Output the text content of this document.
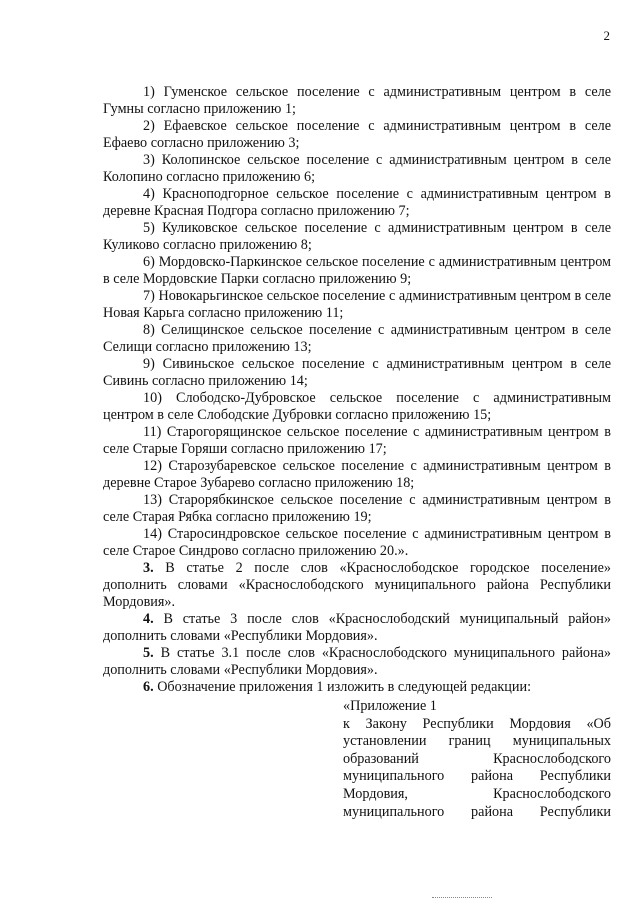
2

1) Гуменское сельское поселение с административным центром в селе Гумны согласно приложению 1;

2) Ефаевское сельское поселение с административным центром в селе Ефаево согласно приложению 3;

3) Колопинское сельское поселение с административным центром в селе Колопино согласно приложению 6;

4) Красноподгорное сельское поселение с административным центром в деревне Красная Подгора согласно приложению 7;

5) Куликовское сельское поселение с административным центром в селе Куликово согласно приложению 8;

6) Мордовско-Паркинское сельское поселение с административным центром в селе Мордовские Парки согласно приложению 9;

7) Новокарьгинское сельское поселение с административным центром в селе Новая Карьга согласно приложению 11;

8) Селищинское сельское поселение с административным центром в селе Селищи согласно приложению 13;

9) Сивиньское сельское поселение с административным центром в селе Сивинь согласно приложению 14;

10) Слободско-Дубровское сельское поселение с административным центром в селе Слободские Дубровки согласно приложению 15;

11) Старогорящинское сельское поселение с административным центром в селе Старые Горяши согласно приложению 17;

12) Старозубаревское сельское поселение с административным центром в деревне Старое Зубарево согласно приложению 18;

13) Старорябкинское сельское поселение с административным центром в селе Старая Рябка согласно приложению 19;

14) Старосиндровское сельское поселение с административным центром в селе Старое Синдрово согласно приложению 20.».

3. В статье 2 после слов «Краснослободское городское поселение» дополнить словами «Краснослободского муниципального района Республики Мордовия».

4. В статье 3 после слов «Краснослободский муниципальный район» дополнить словами «Республики Мордовия».

5. В статье 3.1 после слов «Краснослободского муниципального района» дополнить словами «Республики Мордовия».

6. Обозначение приложения 1 изложить в следующей редакции:

«Приложение 1
к Закону Республики Мордовия «Об
установлении границ муниципальных
образований Краснослободского
муниципального района Республики
Мордовия, Краснослободского
муниципального района Республики
